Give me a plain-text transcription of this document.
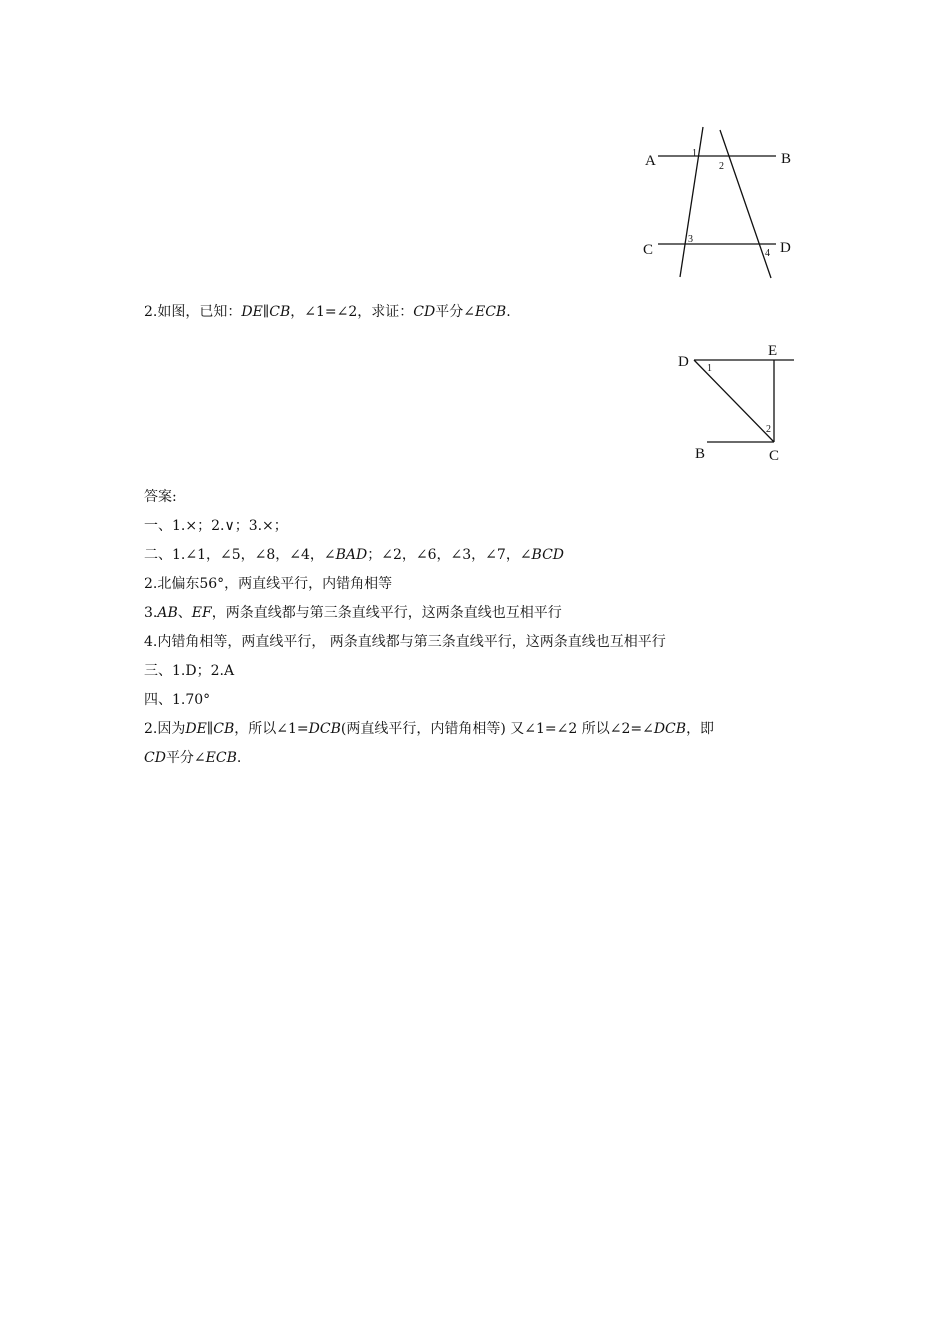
A	B
C	D
1
2
3
4
2.如图，已知：DE∥CB，∠1=∠2，求证：CD平分∠ECB.
D
E
B	C
1
2
答案:
一、1.×；2.∨；3.×；
二、1.∠1，∠5，∠8，∠4，∠BAD；∠2，∠6，∠3，∠7，∠BCD
2.北偏东56°，两直线平行，内错角相等
3.AB、EF，两条直线都与第三条直线平行，这两条直线也互相平行
4.内错角相等，两直线平行， 两条直线都与第三条直线平行，这两条直线也互相平行
三、1.D；2.A
四、1.70°
2.因为DE∥CB，所以∠1=DCB(两直线平行，内错角相等) 又∠1=∠2 所以∠2=∠DCB，即
CD平分∠ECB.
